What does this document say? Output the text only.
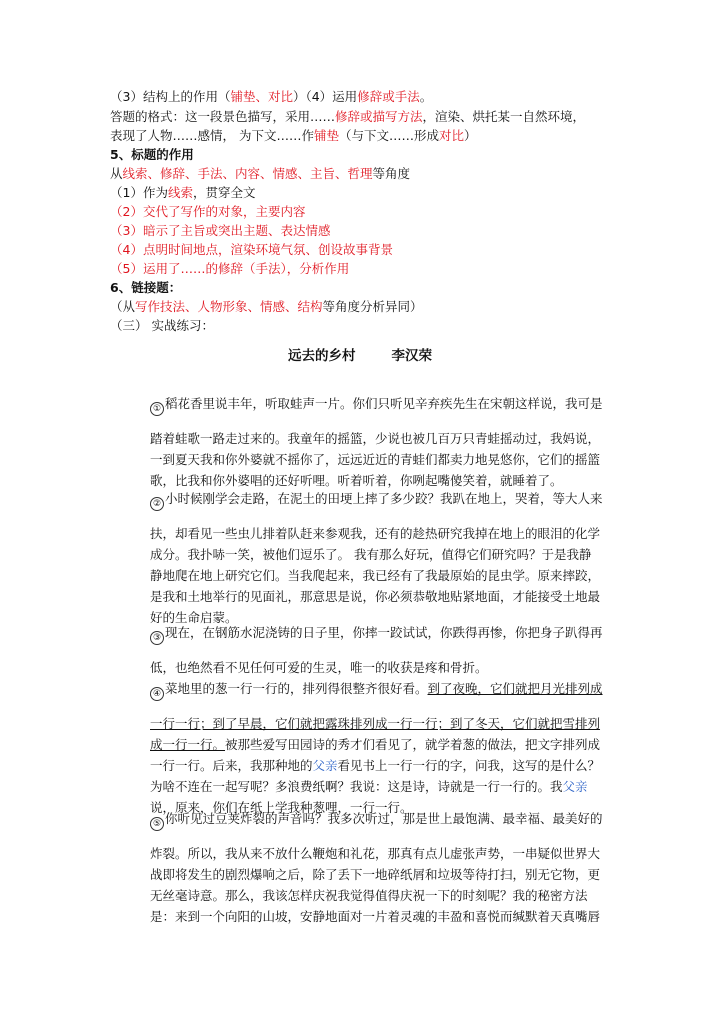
（3）结构上的作用（铺垫、对比）（4）运用修辞或手法。
答题的格式：这一段景色描写，采用……修辞或描写方法，渲染、烘托某一自然环境，
表现了人物……感情， 为下文……作铺垫（与下文……形成对比）
5、标题的作用
从线索、修辞、手法、内容、情感、主旨、哲理等角度
（1）作为线索，贯穿全文
（2）交代了写作的对象，主要内容
（3）暗示了主旨或突出主题、表达情感
（4）点明时间地点，渲染环境气氛、创设故事背景
（5）运用了……的修辞（手法），分析作用
6、链接题：
（从写作技法、人物形象、情感、结构等角度分析异同）
（三） 实战练习：
远去的乡村	李汉荣
① 稻花香里说丰年，听取蛙声一片。你们只听见辛弃疾先生在宋朝这样说，我可是
踏着蛙歌一路走过来的。我童年的摇篮，少说也被几百万只青蛙摇动过，我妈说，
一到夏天我和你外婆就不摇你了，远远近近的青蛙们都卖力地晃悠你，它们的摇篮
歌，比我和你外婆唱的还好听哩。听着听着，你咧起嘴傻笑着，就睡着了。
② 小时候刚学会走路，在泥土的田埂上摔了多少跤？我趴在地上，哭着，等大人来
扶，却看见一些虫儿排着队赶来参观我，还有的趁热研究我掉在地上的眼泪的化学
成分。我扑哧一笑，被他们逗乐了。 我有那么好玩，值得它们研究吗？于是我静
静地爬在地上研究它们。当我爬起来，我已经有了我最原始的昆虫学。原来摔跤，
是我和土地举行的见面礼，那意思是说，你必须恭敬地贴紧地面，才能接受土地最
好的生命启蒙。
③ 现在，在钢筋水泥浇铸的日子里，你摔一跤试试，你跌得再惨，你把身子趴得再
低，也绝然看不见任何可爱的生灵，唯一的收获是疼和骨折。
④ 菜地里的葱一行一行的，排列得很整齐很好看。到了夜晚，它们就把月光排列成
一行一行；到了早晨，它们就把露珠排列成一行一行；到了冬天，它们就把雪排列
成一行一行。被那些爱写田园诗的秀才们看见了，就学着葱的做法，把文字排列成
一行一行。后来，我那种地的父亲看见书上一行一行的字，问我，这写的是什么？
为啥不连在一起写呢？多浪费纸啊？我说：这是诗，诗就是一行一行的。我父亲
说，原来，你们在纸上学我种葱哩，一行一行。
⑤ 你听见过豆荚炸裂的声音吗？我多次听过，那是世上最饱满、最幸福、最美好的
炸裂。所以，我从来不放什么鞭炮和礼花，那真有点儿虚张声势，一串疑似世界大
战即将发生的剧烈爆响之后，除了丢下一地碎纸屑和垃圾等待打扫，别无它物，更
无丝毫诗意。那么，我该怎样庆祝我觉得值得庆祝一下的时刻呢？我的秘密方法
是：来到一个向阳的山坡，安静地面对一片着灵魂的丰盈和喜悦而缄默着天真嘴唇
